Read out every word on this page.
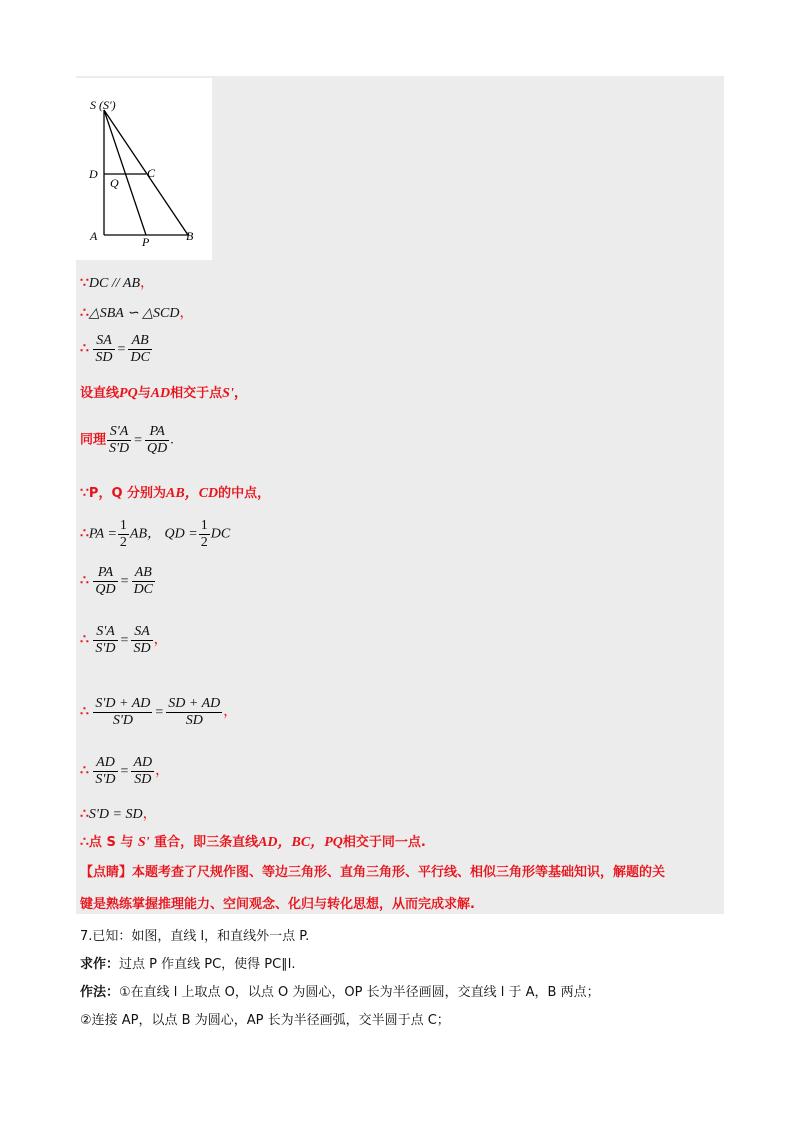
S (S')
D	C
Q
A	P	B
∵DC // AB，
∴△SBA ∽ △SCD，
∴ $\frac{SA}{SD} = \frac{AB}{DC}$
设直线PQ与AD相交于点S'，
同理 $\frac{S'A}{S'D} = \frac{PA}{QD}$ .
∵P，Q 分别为AB，CD的中点，
∴PA = $\frac{1}{2}$ AB， QD = $\frac{1}{2}$ DC
∴ $\frac{PA}{QD} = \frac{AB}{DC}$
∴ $\frac{S'A}{S'D} = \frac{SA}{SD}$ ，
∴ $\frac{S'D + AD}{S'D} = \frac{SD + AD}{SD}$ ，
∴ $\frac{AD}{S'D} = \frac{AD}{SD}$ ，
∴S'D = SD，
∴点 S 与 S' 重合，即三条直线AD，BC，PQ相交于同一点.
【点睛】本题考查了尺规作图、等边三角形、直角三角形、平行线、相似三角形等基础知识，解题的关
键是熟练掌握推理能力、空间观念、化归与转化思想，从而完成求解.
7.已知：如图，直线 l，和直线外一点 P.
求作：过点 P 作直线 PC，使得 PC∥l.
作法：①在直线 l 上取点 O，以点 O 为圆心，OP 长为半径画圆，交直线 l 于 A，B 两点；
②连接 AP，以点 B 为圆心，AP 长为半径画弧，交半圆于点 C；
